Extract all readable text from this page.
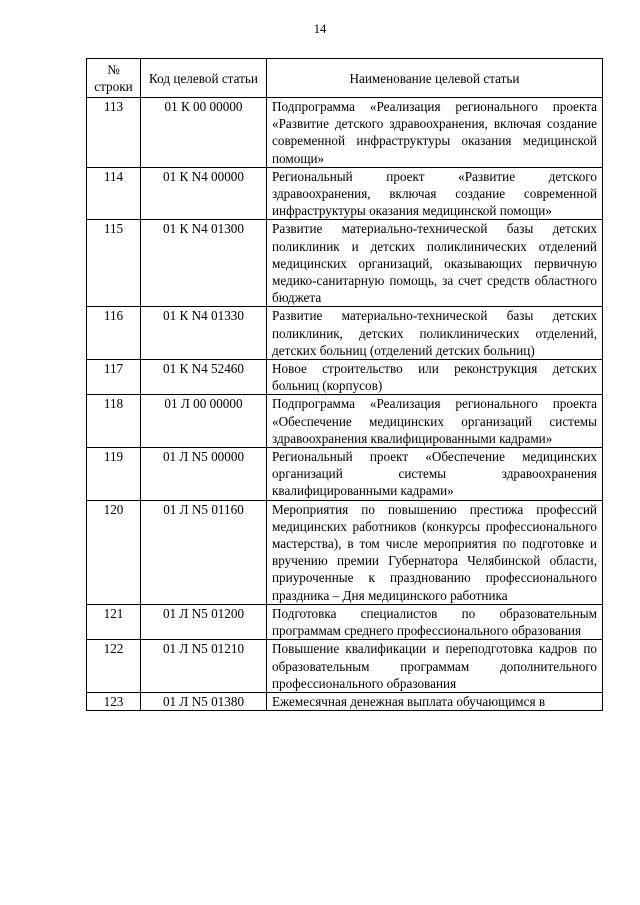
14
№ строки	Код целевой статьи	Наименование целевой статьи
113	01 К 00 00000	Подпрограмма «Реализация регионального проекта «Развитие детского здравоохранения, включая создание современной инфраструктуры оказания медицинской помощи»
114	01 К N4 00000	Региональный проект «Развитие детского здравоохранения, включая создание современной инфраструктуры оказания медицинской помощи»
115	01 К N4 01300	Развитие материально-технической базы детских поликлиник и детских поликлинических отделений медицинских организаций, оказывающих первичную медико-санитарную помощь, за счет средств областного бюджета
116	01 К N4 01330	Развитие материально-технической базы детских поликлиник, детских поликлинических отделений, детских больниц (отделений детских больниц)
117	01 К N4 52460	Новое строительство или реконструкция детских больниц (корпусов)
118	01 Л 00 00000	Подпрограмма «Реализация регионального проекта «Обеспечение медицинских организаций системы здравоохранения квалифицированными кадрами»
119	01 Л N5 00000	Региональный проект «Обеспечение медицинских организаций системы здравоохранения квалифицированными кадрами»
120	01 Л N5 01160	Мероприятия по повышению престижа профессий медицинских работников (конкурсы профессионального мастерства), в том числе мероприятия по подготовке и вручению премии Губернатора Челябинской области, приуроченные к празднованию профессионального праздника – Дня медицинского работника
121	01 Л N5 01200	Подготовка специалистов по образовательным программам среднего профессионального образования
122	01 Л N5 01210	Повышение квалификации и переподготовка кадров по образовательным программам дополнительного профессионального образования
123	01 Л N5 01380	Ежемесячная денежная выплата обучающимся в
